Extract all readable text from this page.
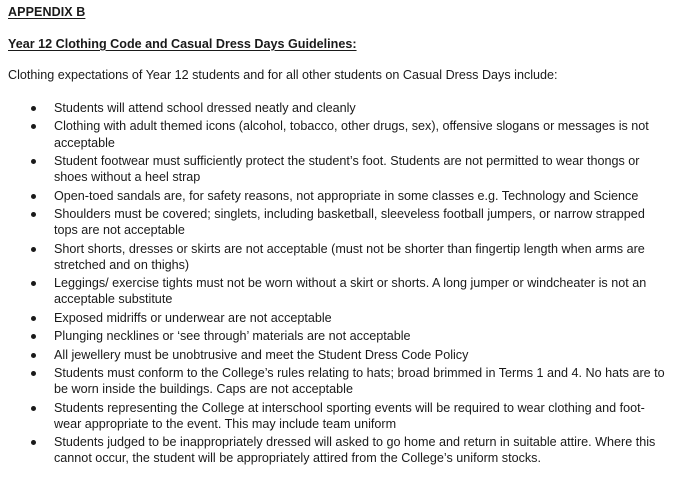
APPENDIX B
Year 12 Clothing Code and Casual Dress Days Guidelines:
Clothing expectations of Year 12 students and for all other students on Casual Dress Days include:
Students will attend school dressed neatly and cleanly
Clothing with adult themed icons (alcohol, tobacco, other drugs, sex), offensive slogans or messages is not acceptable
Student footwear must sufficiently protect the student’s foot. Students are not permitted to wear thongs or shoes without a heel strap
Open-toed sandals are, for safety reasons, not appropriate in some classes e.g. Technology and Science
Shoulders must be covered; singlets, including basketball, sleeveless football jumpers, or narrow strapped tops are not acceptable
Short shorts, dresses or skirts are not acceptable (must not be shorter than fingertip length when arms are stretched and on thighs)
Leggings/ exercise tights must not be worn without a skirt or shorts. A long jumper or windcheater is not an acceptable substitute
Exposed midriffs or underwear are not acceptable
Plunging necklines or ‘see through’ materials are not acceptable
All jewellery must be unobtrusive and meet the Student Dress Code Policy
Students must conform to the College’s rules relating to hats; broad brimmed in Terms 1 and 4. No hats are to be worn inside the buildings. Caps are not acceptable
Students representing the College at interschool sporting events will be required to wear clothing and foot-wear appropriate to the event. This may include team uniform
Students judged to be inappropriately dressed will asked to go home and return in suitable attire. Where this cannot occur, the student will be appropriately attired from the College’s uniform stocks.
